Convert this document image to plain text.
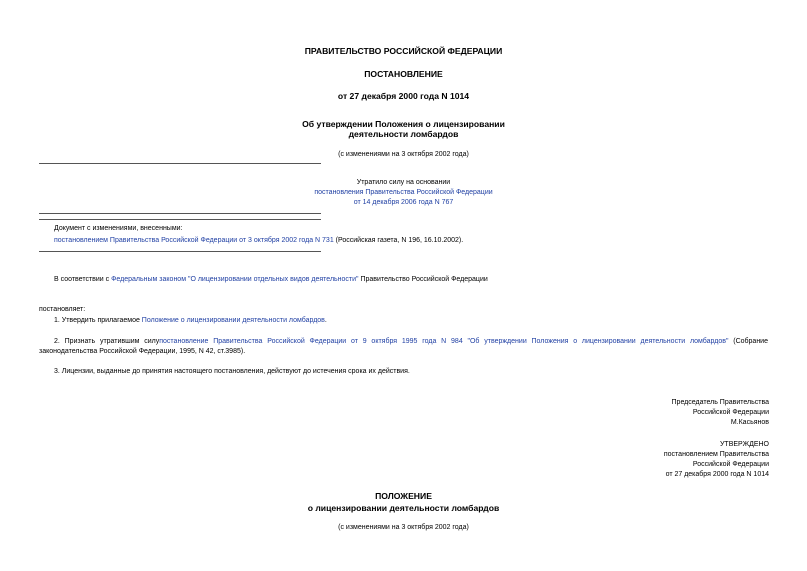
ПРАВИТЕЛЬСТВО РОССИЙСКОЙ ФЕДЕРАЦИИ
ПОСТАНОВЛЕНИЕ
от 27 декабря 2000 года N 1014
Об утверждении Положения о лицензировании
деятельности ломбардов
(с изменениями на 3 октября 2002 года)
Утратило силу на основании
постановления Правительства Российской Федерации
от 14 декабря 2006 года N 767
Документ с изменениями, внесенными:
постановлением Правительства Российской Федерации от 3 октября 2002 года N 731 (Российская газета, N 196, 16.10.2002).
В соответствии с Федеральным законом "О лицензировании отдельных видов деятельности" Правительство Российской Федерации
постановляет:
1. Утвердить прилагаемое Положение о лицензировании деятельности ломбардов.
2. Признать утратившим силупостановление Правительства Российской Федерации от 9 октября 1995 года N 984 "Об утверждении Положения о лицензировании деятельности ломбардов" (Собрание законодательства Российской Федерации, 1995, N 42, ст.3985).
3. Лицензии, выданные до принятия настоящего постановления, действуют до истечения срока их действия.
Председатель Правительства
Российской Федерации
М.Касьянов
УТВЕРЖДЕНО
постановлением Правительства
Российской Федерации
от 27 декабря 2000 года N 1014
ПОЛОЖЕНИЕ
о лицензировании деятельности ломбардов
(с изменениями на 3 октября 2002 года)
